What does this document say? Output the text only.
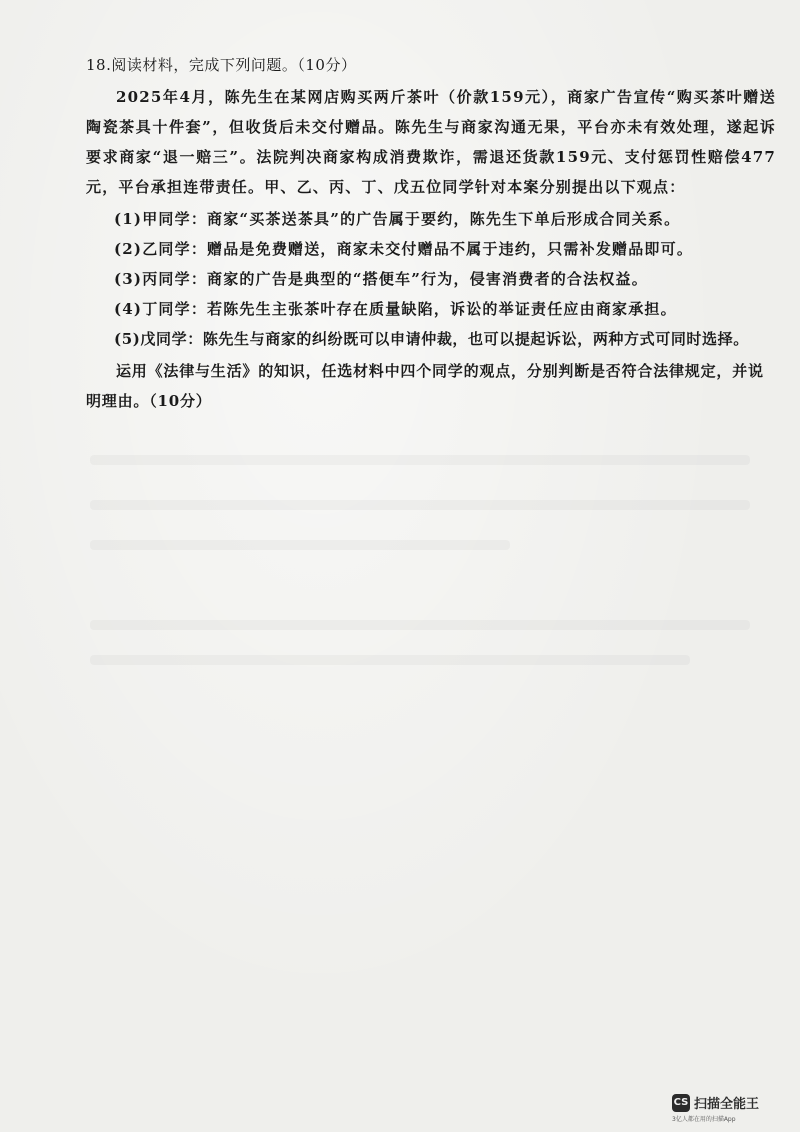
18.阅读材料，完成下列问题。（10分）

2025年4月，陈先生在某网店购买两斤茶叶（价款159元），商家广告宣传“购买茶叶赠送陶瓷茶具十件套”，但收货后未交付赠品。陈先生与商家沟通无果，平台亦未有效处理，遂起诉要求商家“退一赔三”。法院判决商家构成消费欺诈，需退还货款159元、支付惩罚性赔偿477元，平台承担连带责任。甲、乙、丙、丁、戊五位同学针对本案分别提出以下观点：

(1)甲同学：商家“买茶送茶具”的广告属于要约，陈先生下单后形成合同关系。
(2)乙同学：赠品是免费赠送，商家未交付赠品不属于违约，只需补发赠品即可。
(3)丙同学：商家的广告是典型的“搭便车”行为，侵害消费者的合法权益。
(4)丁同学：若陈先生主张茶叶存在质量缺陷，诉讼的举证责任应由商家承担。
(5)戊同学：陈先生与商家的纠纷既可以申请仲裁，也可以提起诉讼，两种方式可同时选择。

运用《法律与生活》的知识，任选材料中四个同学的观点，分别判断是否符合法律规定，并说明理由。（10分）

CS 扫描全能王
3亿人都在用的扫描App
